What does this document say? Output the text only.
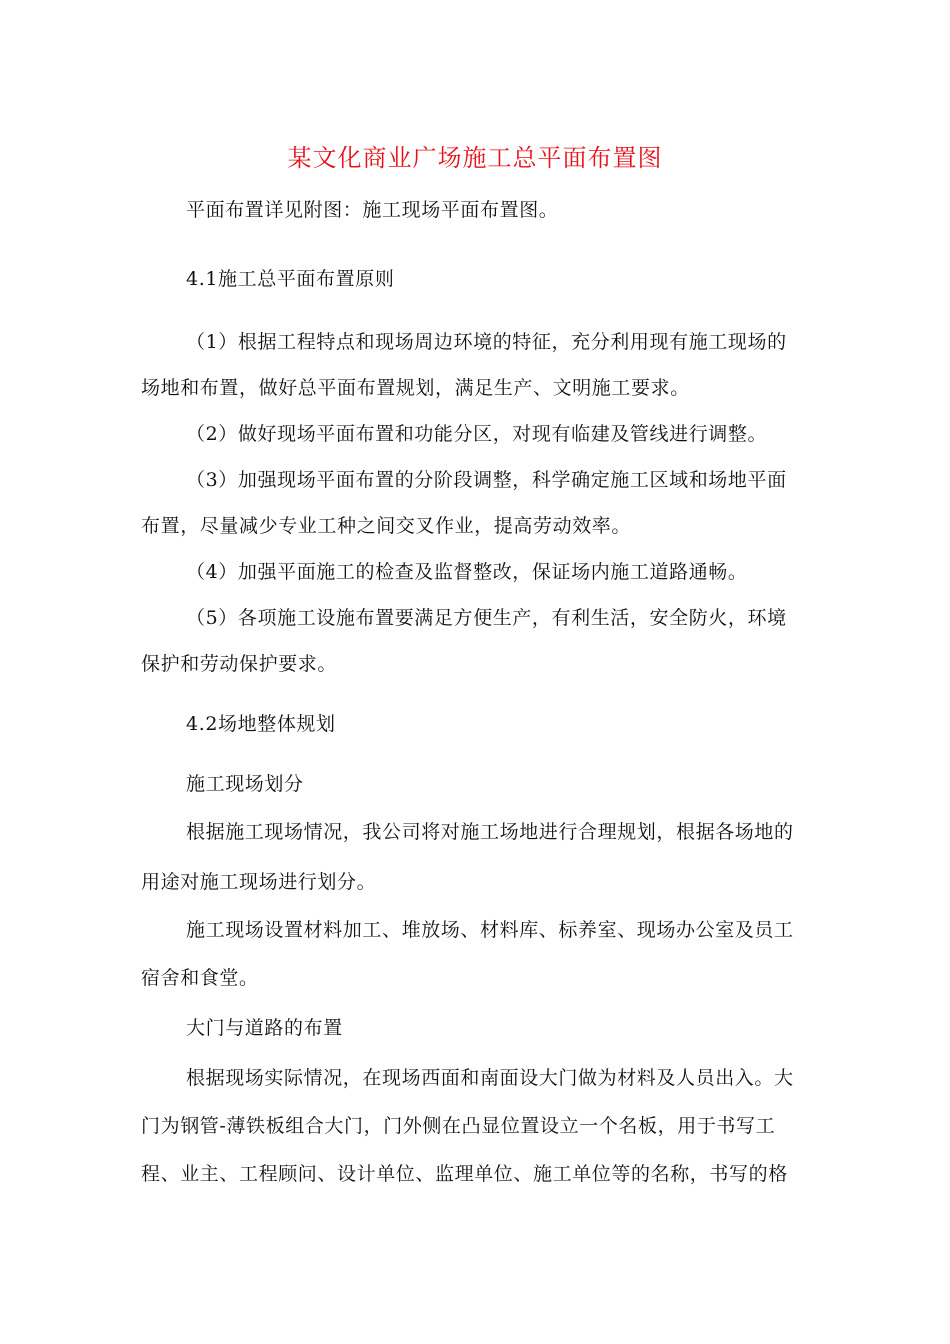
某文化商业广场施工总平面布置图
平面布置详见附图：施工现场平面布置图。
4.1施工总平面布置原则
（1）根据工程特点和现场周边环境的特征，充分利用现有施工现场的
场地和布置，做好总平面布置规划，满足生产、文明施工要求。
（2）做好现场平面布置和功能分区，对现有临建及管线进行调整。
（3）加强现场平面布置的分阶段调整，科学确定施工区域和场地平面
布置，尽量减少专业工种之间交叉作业，提高劳动效率。
（4）加强平面施工的检查及监督整改，保证场内施工道路通畅。
（5）各项施工设施布置要满足方便生产，有利生活，安全防火，环境
保护和劳动保护要求。
4.2场地整体规划
施工现场划分
根据施工现场情况，我公司将对施工场地进行合理规划，根据各场地的
用途对施工现场进行划分。
施工现场设置材料加工、堆放场、材料库、标养室、现场办公室及员工
宿舍和食堂。
大门与道路的布置
根据现场实际情况，在现场西面和南面设大门做为材料及人员出入。大
门为钢管-薄铁板组合大门，门外侧在凸显位置设立一个名板，用于书写工
程、业主、工程顾问、设计单位、监理单位、施工单位等的名称，书写的格
